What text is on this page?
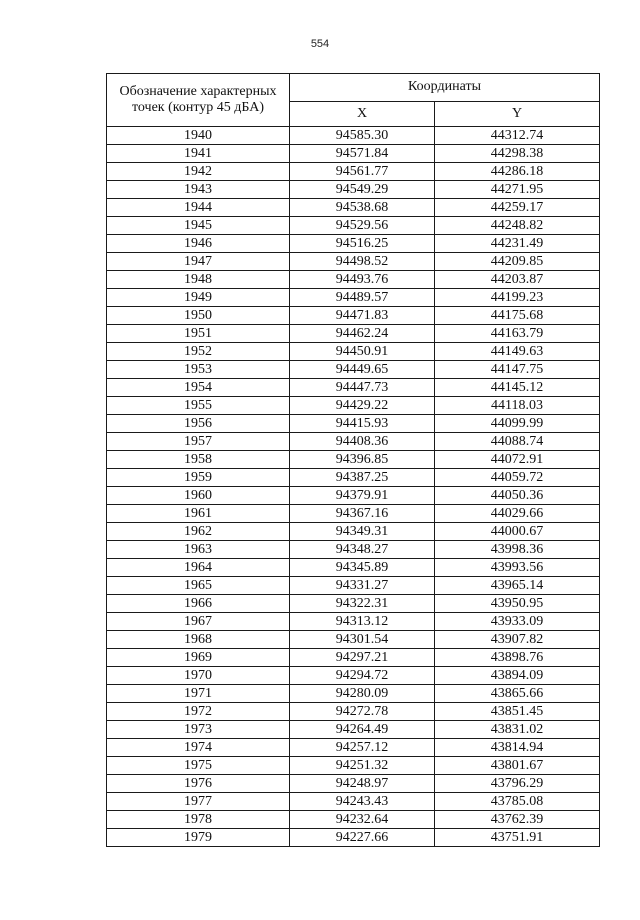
554
Обозначение характерных точек (контур 45 дБА)	Координаты	
	X	Y
1940	94585.30	44312.74
1941	94571.84	44298.38
1942	94561.77	44286.18
1943	94549.29	44271.95
1944	94538.68	44259.17
1945	94529.56	44248.82
1946	94516.25	44231.49
1947	94498.52	44209.85
1948	94493.76	44203.87
1949	94489.57	44199.23
1950	94471.83	44175.68
1951	94462.24	44163.79
1952	94450.91	44149.63
1953	94449.65	44147.75
1954	94447.73	44145.12
1955	94429.22	44118.03
1956	94415.93	44099.99
1957	94408.36	44088.74
1958	94396.85	44072.91
1959	94387.25	44059.72
1960	94379.91	44050.36
1961	94367.16	44029.66
1962	94349.31	44000.67
1963	94348.27	43998.36
1964	94345.89	43993.56
1965	94331.27	43965.14
1966	94322.31	43950.95
1967	94313.12	43933.09
1968	94301.54	43907.82
1969	94297.21	43898.76
1970	94294.72	43894.09
1971	94280.09	43865.66
1972	94272.78	43851.45
1973	94264.49	43831.02
1974	94257.12	43814.94
1975	94251.32	43801.67
1976	94248.97	43796.29
1977	94243.43	43785.08
1978	94232.64	43762.39
1979	94227.66	43751.91
